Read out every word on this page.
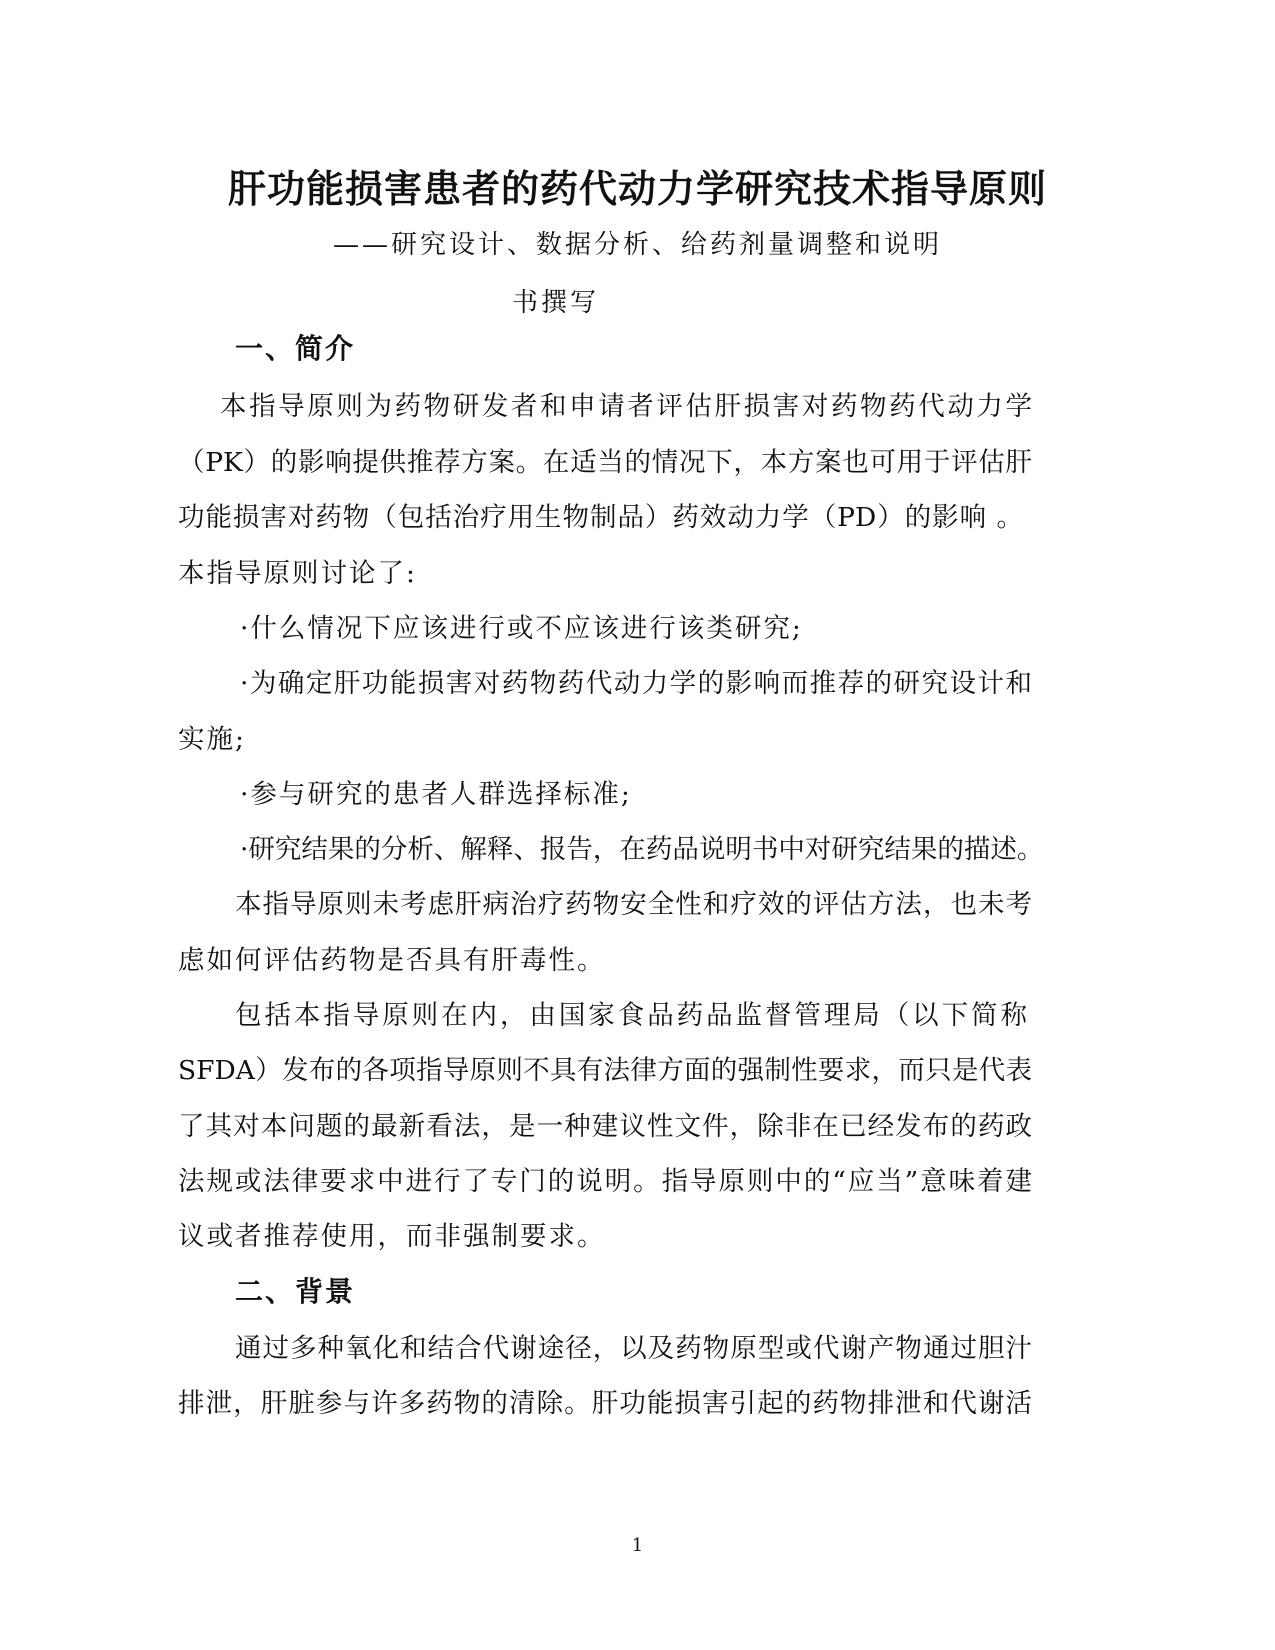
肝功能损害患者的药代动力学研究技术指导原则
——研究设计、数据分析、给药剂量调整和说明
书撰写
一、简介
本指导原则为药物研发者和申请者评估肝损害对药物药代动力学
（PK）的影响提供推荐方案。在适当的情况下，本方案也可用于评估肝
功能损害对药物（包括治疗用生物制品）药效动力学（PD）的影响 。
本指导原则讨论了:
·什么情况下应该进行或不应该进行该类研究;
·为确定肝功能损害对药物药代动力学的影响而推荐的研究设计和
实施;
·参与研究的患者人群选择标准;
·研究结果的分析、解释、报告，在药品说明书中对研究结果的描述。
本指导原则未考虑肝病治疗药物安全性和疗效的评估方法，也未考
虑如何评估药物是否具有肝毒性。
包括本指导原则在内，由国家食品药品监督管理局（以下简称
SFDA）发布的各项指导原则不具有法律方面的强制性要求，而只是代表
了其对本问题的最新看法，是一种建议性文件，除非在已经发布的药政
法规或法律要求中进行了专门的说明。指导原则中的“应当”意味着建
议或者推荐使用，而非强制要求。
二、背景
通过多种氧化和结合代谢途径，以及药物原型或代谢产物通过胆汁
排泄，肝脏参与许多药物的清除。肝功能损害引起的药物排泄和代谢活
1
